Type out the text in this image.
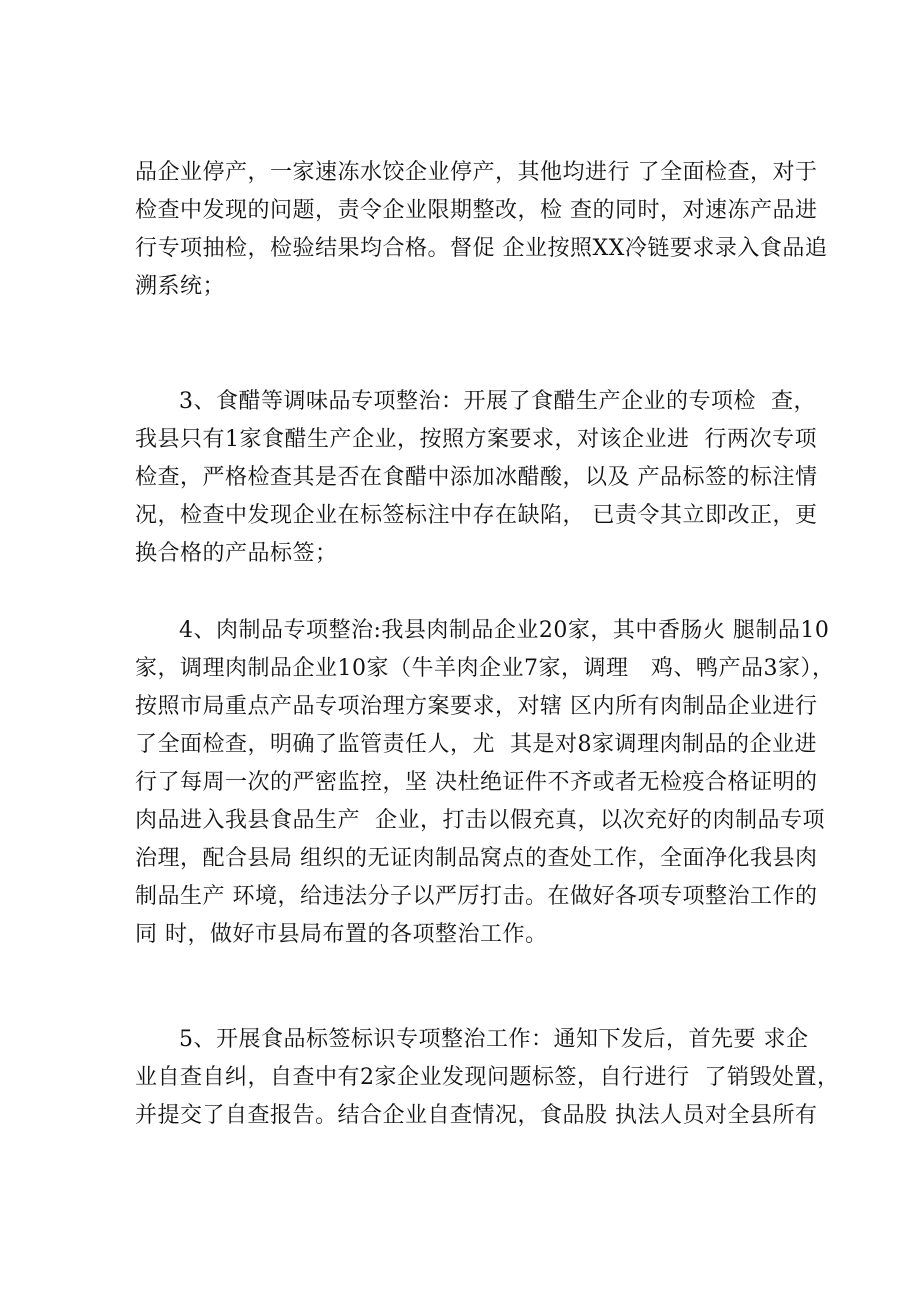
品企业停产，一家速冻水饺企业停产，其他均进行 了全面检查，对于
检查中发现的问题，责令企业限期整改，检 查的同时，对速冻产品进
行专项抽检，检验结果均合格。督促 企业按照XX冷链要求录入食品追
溯系统；
3、食醋等调味品专项整治：开展了食醋生产企业的专项检  查，
我县只有1家食醋生产企业，按照方案要求，对该企业进  行两次专项
检查，严格检查其是否在食醋中添加冰醋酸，以及 产品标签的标注情
况，检查中发现企业在标签标注中存在缺陷， 已责令其立即改正，更
换合格的产品标签；
4、肉制品专项整治:我县肉制品企业20家，其中香肠火 腿制品10
家，调理肉制品企业10家（牛羊肉企业7家，调理   鸡、鸭产品3家），
按照市局重点产品专项治理方案要求，对辖 区内所有肉制品企业进行
了全面检查，明确了监管责任人，尤  其是对8家调理肉制品的企业进
行了每周一次的严密监控，坚 决杜绝证件不齐或者无检疫合格证明的
肉品进入我县食品生产  企业，打击以假充真，以次充好的肉制品专项
治理，配合县局 组织的无证肉制品窝点的查处工作，全面净化我县肉
制品生产 环境，给违法分子以严厉打击。在做好各项专项整治工作的
同 时，做好市县局布置的各项整治工作。
5、开展食品标签标识专项整治工作：通知下发后，首先要 求企
业自查自纠，自查中有2家企业发现问题标签，自行进行  了销毁处置，
并提交了自查报告。结合企业自查情况，食品股 执法人员对全县所有
